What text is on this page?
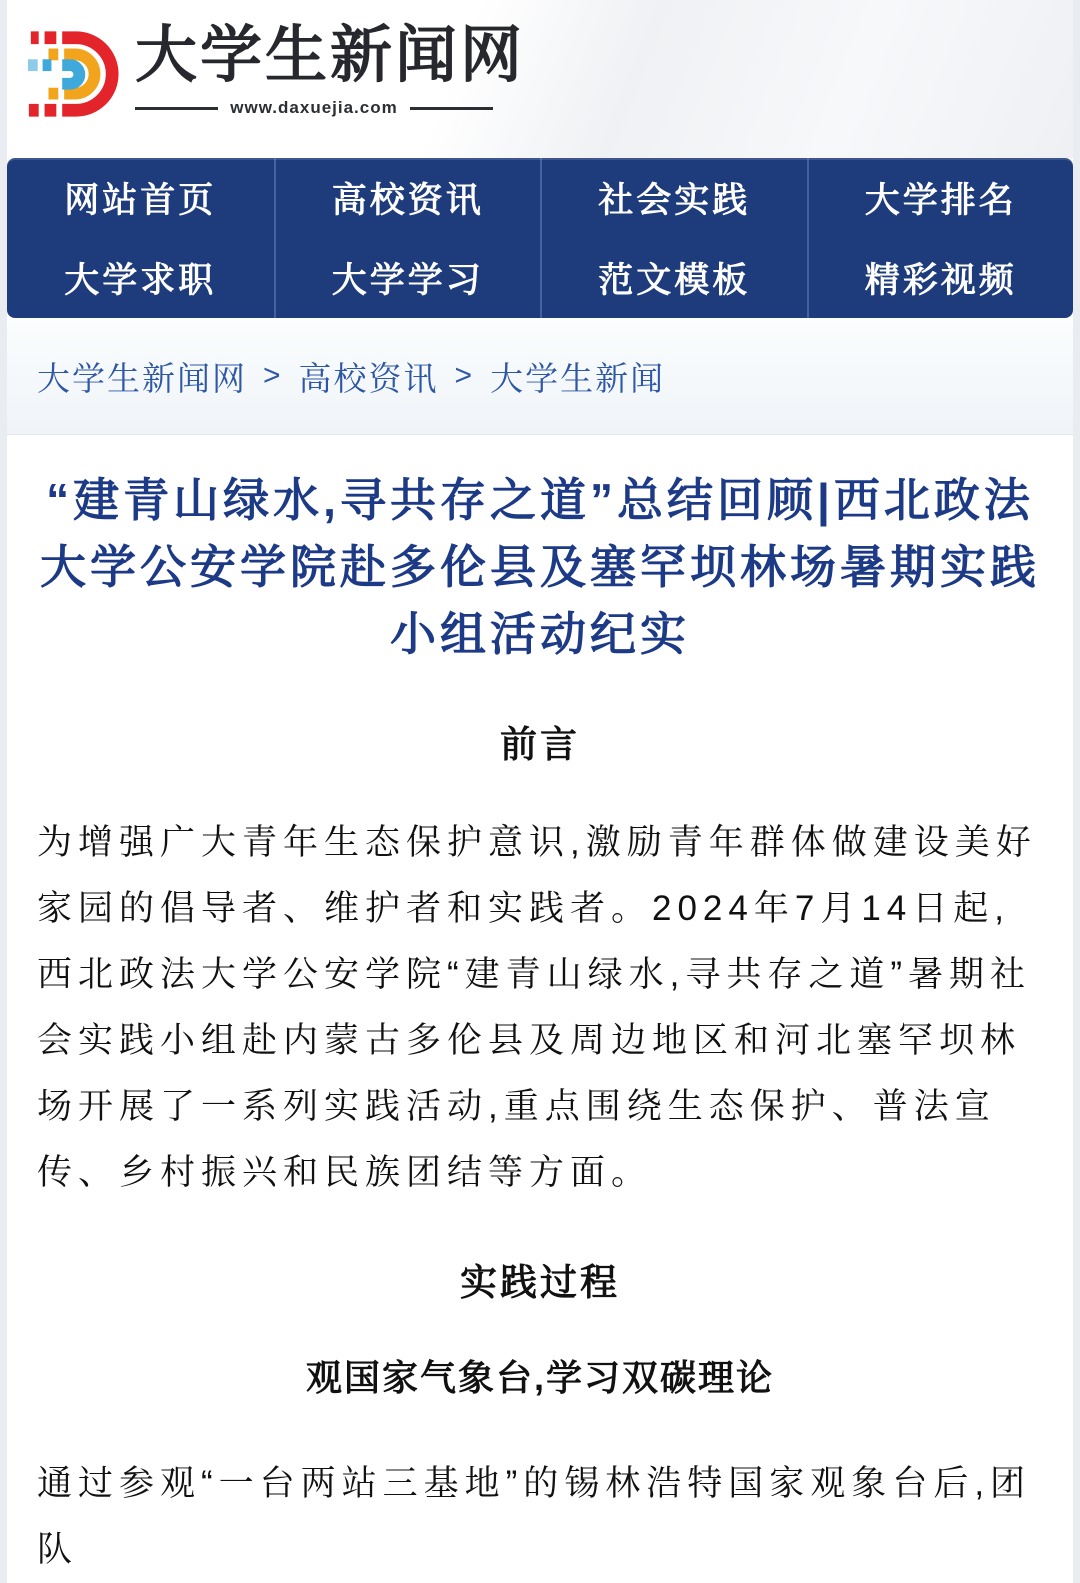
大学生新闻网
www.daxuejia.com
网站首页	高校资讯	社会实践	大学排名
大学求职	大学学习	范文模板	精彩视频
大学生新闻网 > 高校资讯 > 大学生新闻
“建青山绿水,寻共存之道”总结回顾|西北政法大学公安学院赴多伦县及塞罕坝林场暑期实践小组活动纪实
前言

为增强广大青年生态保护意识,激励青年群体做建设美好家园的倡导者、维护者和实践者。2024年7月14日起,西北政法大学公安学院“建青山绿水,寻共存之道”暑期社会实践小组赴内蒙古多伦县及周边地区和河北塞罕坝林场开展了一系列实践活动,重点围绕生态保护、普法宣传、乡村振兴和民族团结等方面。

实践过程
观国家气象台,学习双碳理论

通过参观“一台两站三基地”的锡林浩特国家观象台后,团队
